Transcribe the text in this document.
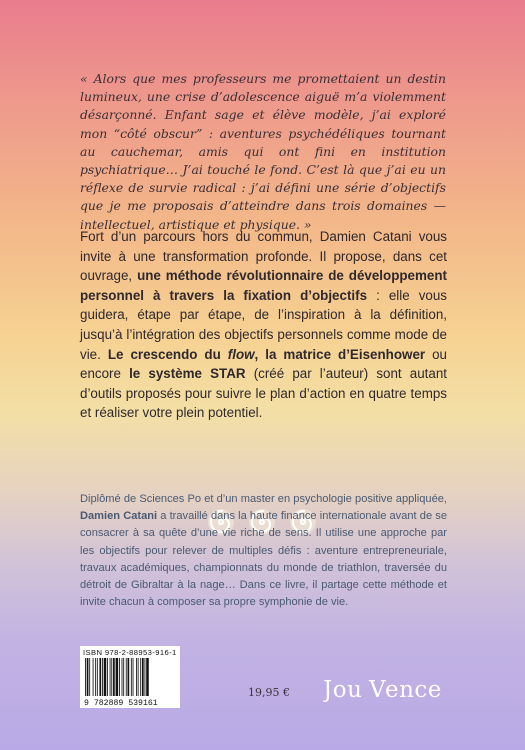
« Alors que mes professeurs me promettaient un destin lumineux, une crise d’adolescence aiguë m’a violemment désarçonné. Enfant sage et élève modèle, j’ai exploré mon “côté obscur” : aventures psychédéliques tournant au cauchemar, amis qui ont fini en institution psychiatrique… J’ai touché le fond. C’est là que j’ai eu un réflexe de survie radical : j’ai défini une série d’objectifs que je me proposais d’atteindre dans trois domaines — intellectuel, artistique et physique. »

Fort d’un parcours hors du commun, Damien Catani vous invite à une transformation profonde. Il propose, dans cet ouvrage, une méthode révolutionnaire de développement personnel à travers la fixation d’objectifs : elle vous guidera, étape par étape, de l’inspiration à la définition, jusqu’à l’intégration des objectifs personnels comme mode de vie. Le crescendo du flow, la matrice d’Eisenhower ou encore le système STAR (créé par l’auteur) sont autant d’outils proposés pour suivre le plan d’action en quatre temps et réaliser votre plein potentiel.

Diplômé de Sciences Po et d’un master en psychologie positive appliquée, Damien Catani a travaillé dans la haute finance internationale avant de se consacrer à sa quête d’une vie riche de sens. Il utilise une approche par les objectifs pour relever de multiples défis : aventure entrepreneuriale, travaux académiques, championnats du monde de triathlon, traversée du détroit de Gibraltar à la nage… Dans ce livre, il partage cette méthode et invite chacun à composer sa propre symphonie de vie.

ISBN 978-2-88953-916-1
9 782889 539161
19,95 € Jou V
ence
